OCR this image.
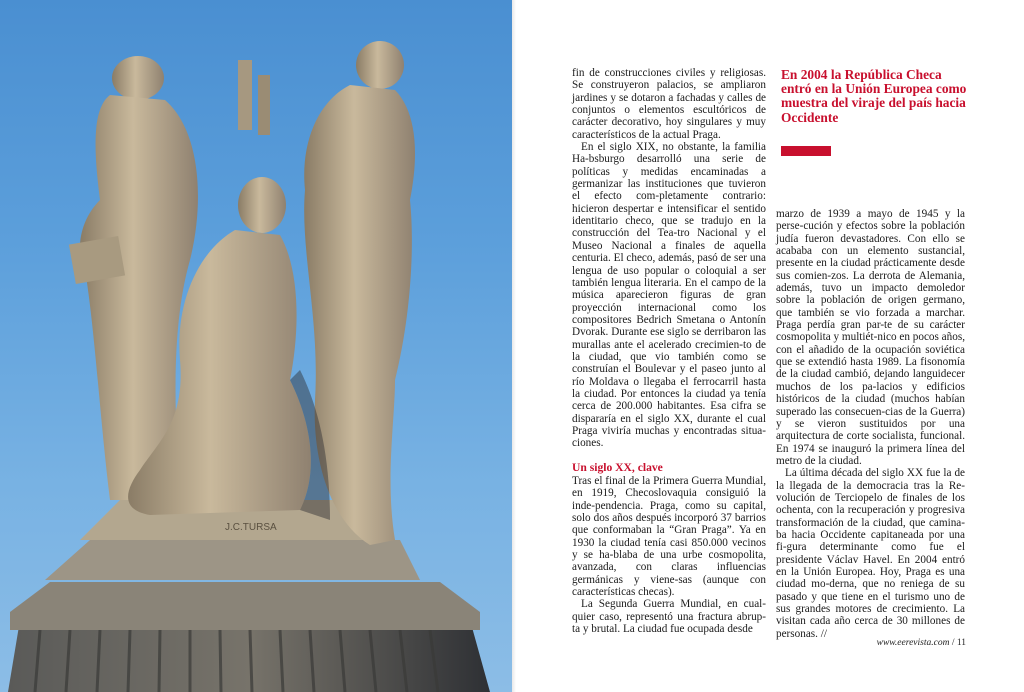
J.C.TURSA

fin de construcciones civiles y religiosas. Se construyeron palacios, se ampliaron jardines y se dotaron a fachadas y calles de conjuntos o elementos escultóricos de carácter decorativo, hoy singulares y muy característicos de la actual Praga.

En el siglo XIX, no obstante, la familia Ha-bsburgo desarrolló una serie de políticas y medidas encaminadas a germanizar las instituciones que tuvieron el efecto com-pletamente contrario: hicieron despertar e intensificar el sentido identitario checo, que se tradujo en la construcción del Tea-tro Nacional y el Museo Nacional a finales de aquella centuria. El checo, además, pasó de ser una lengua de uso popular o coloquial a ser también lengua literaria. En el campo de la música aparecieron figuras de gran proyección internacional como los compositores Bedrich Smetana o Antonín Dvorak. Durante ese siglo se derribaron las murallas ante el acelerado crecimien-to de la ciudad, que vio también como se construían el Boulevar y el paseo junto al río Moldava o llegaba el ferrocarril hasta la ciudad. Por entonces la ciudad ya tenía cerca de 200.000 habitantes. Esa cifra se dispararía en el siglo XX, durante el cual Praga viviría muchas y encontradas situa-ciones.

Un siglo XX, clave

Tras el final de la Primera Guerra Mundial, en 1919, Checoslovaquia consiguió la inde-pendencia. Praga, como su capital, solo dos años después incorporó 37 barrios que conformaban la “Gran Praga”. Ya en 1930 la ciudad tenía casi 850.000 vecinos y se ha-blaba de una urbe cosmopolita, avanzada, con claras influencias germánicas y viene-sas (aunque con características checas).

La Segunda Guerra Mundial, en cual-quier caso, representó una fractura abrup-ta y brutal. La ciudad fue ocupada desde

En 2004 la República Checa entró en la Unión Europea como muestra del viraje del país hacia Occidente

marzo de 1939 a mayo de 1945 y la perse-cución y efectos sobre la población judía fueron devastadores. Con ello se acababa con un elemento sustancial, presente en la ciudad prácticamente desde sus comien-zos. La derrota de Alemania, además, tuvo un impacto demoledor sobre la población de origen germano, que también se vio forzada a marchar. Praga perdía gran par-te de su carácter cosmopolita y multiét-nico en pocos años, con el añadido de la ocupación soviética que se extendió hasta 1989. La fisonomía de la ciudad cambió, dejando languidecer muchos de los pa-lacios y edificios históricos de la ciudad (muchos habían superado las consecuen-cias de la Guerra) y se vieron sustituidos por una arquitectura de corte socialista, funcional. En 1974 se inauguró la primera línea del metro de la ciudad.

La última década del siglo XX fue la de la llegada de la democracia tras la Re-volución de Terciopelo de finales de los ochenta, con la recuperación y progresiva transformación de la ciudad, que camina-ba hacia Occidente capitaneada por una fi-gura determinante como fue el presidente Václav Havel. En 2004 entró en la Unión Europea. Hoy, Praga es una ciudad mo-derna, que no reniega de su pasado y que tiene en el turismo uno de sus grandes motores de crecimiento. La visitan cada año cerca de 30 millones de personas. //

www.eerevista.com / 11
